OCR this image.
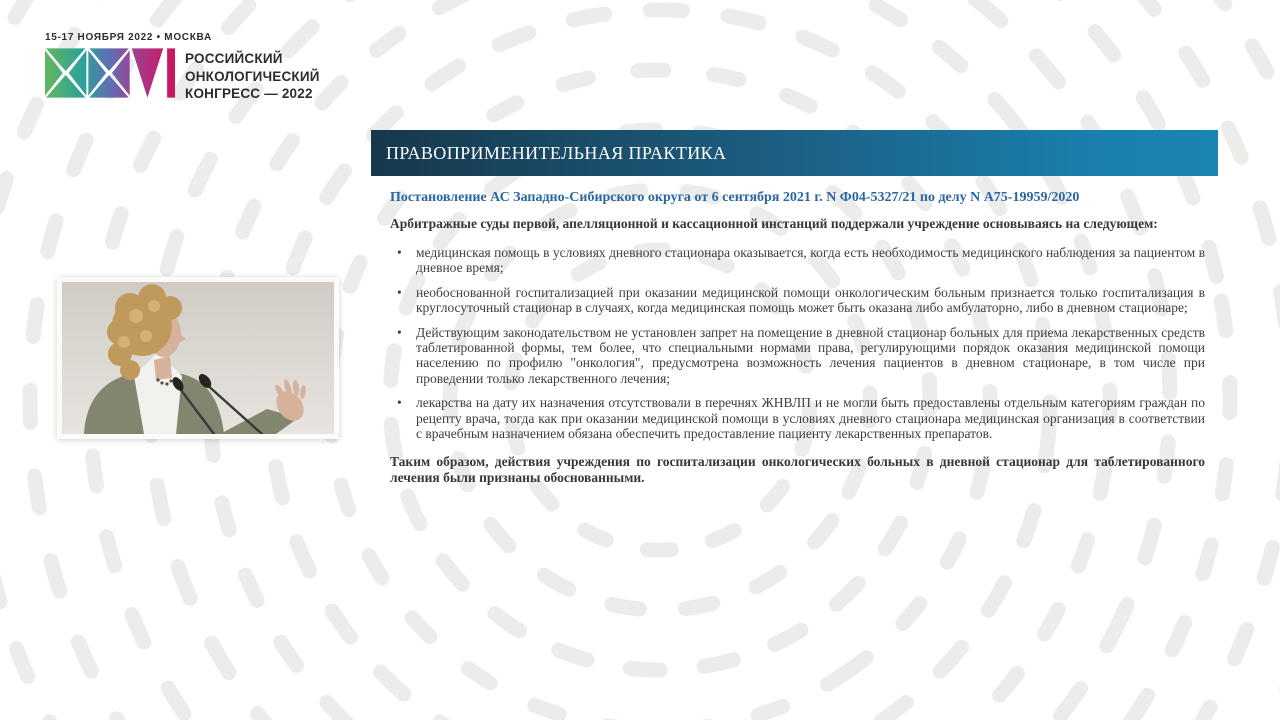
15-17 НОЯБРЯ 2022 • МОСКВА
РОССИЙСКИЙ
ОНКОЛОГИЧЕСКИЙ
КОНГРЕСС — 2022
ПРАВОПРИМЕНИТЕЛЬНАЯ ПРАКТИКА
Постановление АС Западно-Сибирского округа от 6 сентября 2021 г. N Ф04-5327/21 по делу N А75-19959/2020

Арбитражные суды первой, апелляционной и кассационной инстанций поддержали учреждение основываясь на следующем:

• медицинская помощь в условиях дневного стационара оказывается, когда есть необходимость медицинского наблюдения за пациентом в дневное время;
• необоснованной госпитализацией при оказании медицинской помощи онкологическим больным признается только госпитализация в круглосуточный стационар в случаях, когда медицинская помощь может быть оказана либо амбулаторно, либо в дневном стационаре;
• Действующим законодательством не установлен запрет на помещение в дневной стационар больных для приема лекарственных средств таблетированной формы, тем более, что специальными нормами права, регулирующими порядок оказания медицинской помощи населению по профилю "онкология", предусмотрена возможность лечения пациентов в дневном стационаре, в том числе при проведении только лекарственного лечения;
• лекарства на дату их назначения отсутствовали в перечнях ЖНВЛП и не могли быть предоставлены отдельным категориям граждан по рецепту врача, тогда как при оказании медицинской помощи в условиях дневного стационара медицинская организация в соответствии с врачебным назначением обязана обеспечить предоставление пациенту лекарственных препаратов.

Таким образом, действия учреждения по госпитализации онкологических больных в дневной стационар для таблетированного лечения были признаны обоснованными.
